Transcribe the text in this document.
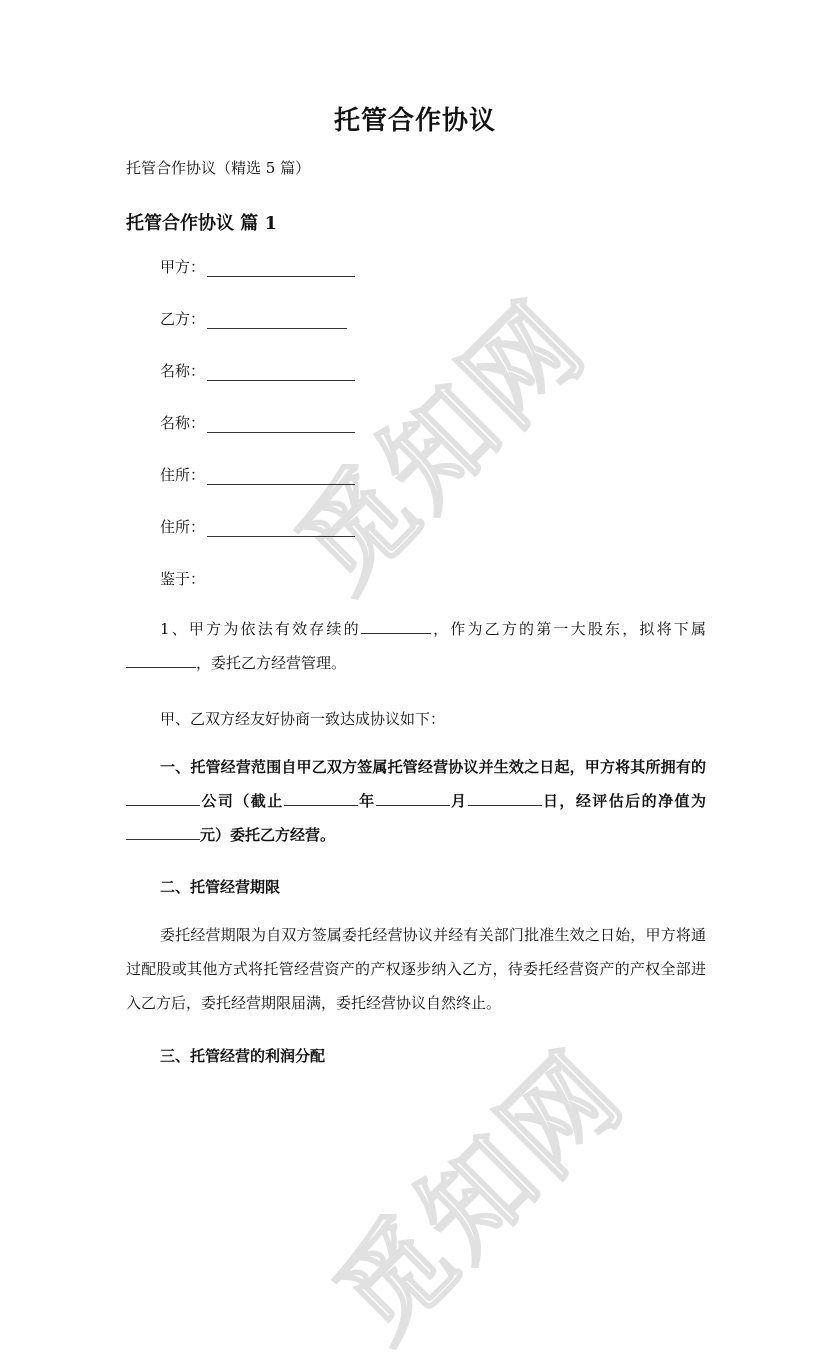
觅知网
觅知网
托管合作协议
托管合作协议（精选 5 篇）
托管合作协议 篇 1
甲方：
乙方：
名称：
名称：
住所：
住所：
鉴于：
1、甲方为依法有效存续的	，作为乙方的第一大股东，拟将下属，委托乙方经营管理。
甲、乙双方经友好协商一致达成协议如下：
一、托管经营范围自甲乙双方签属托管经营协议并生效之日起，甲方将其所拥有的公司（截止	年	月	日，经评估后的净值为元）委托乙方经营。
二、托管经营期限
委托经营期限为自双方签属委托经营协议并经有关部门批准生效之日始，甲方将通过配股或其他方式将托管经营资产的产权逐步纳入乙方，待委托经营资产的产权全部进入乙方后，委托经营期限届满，委托经营协议自然终止。
三、托管经营的利润分配
